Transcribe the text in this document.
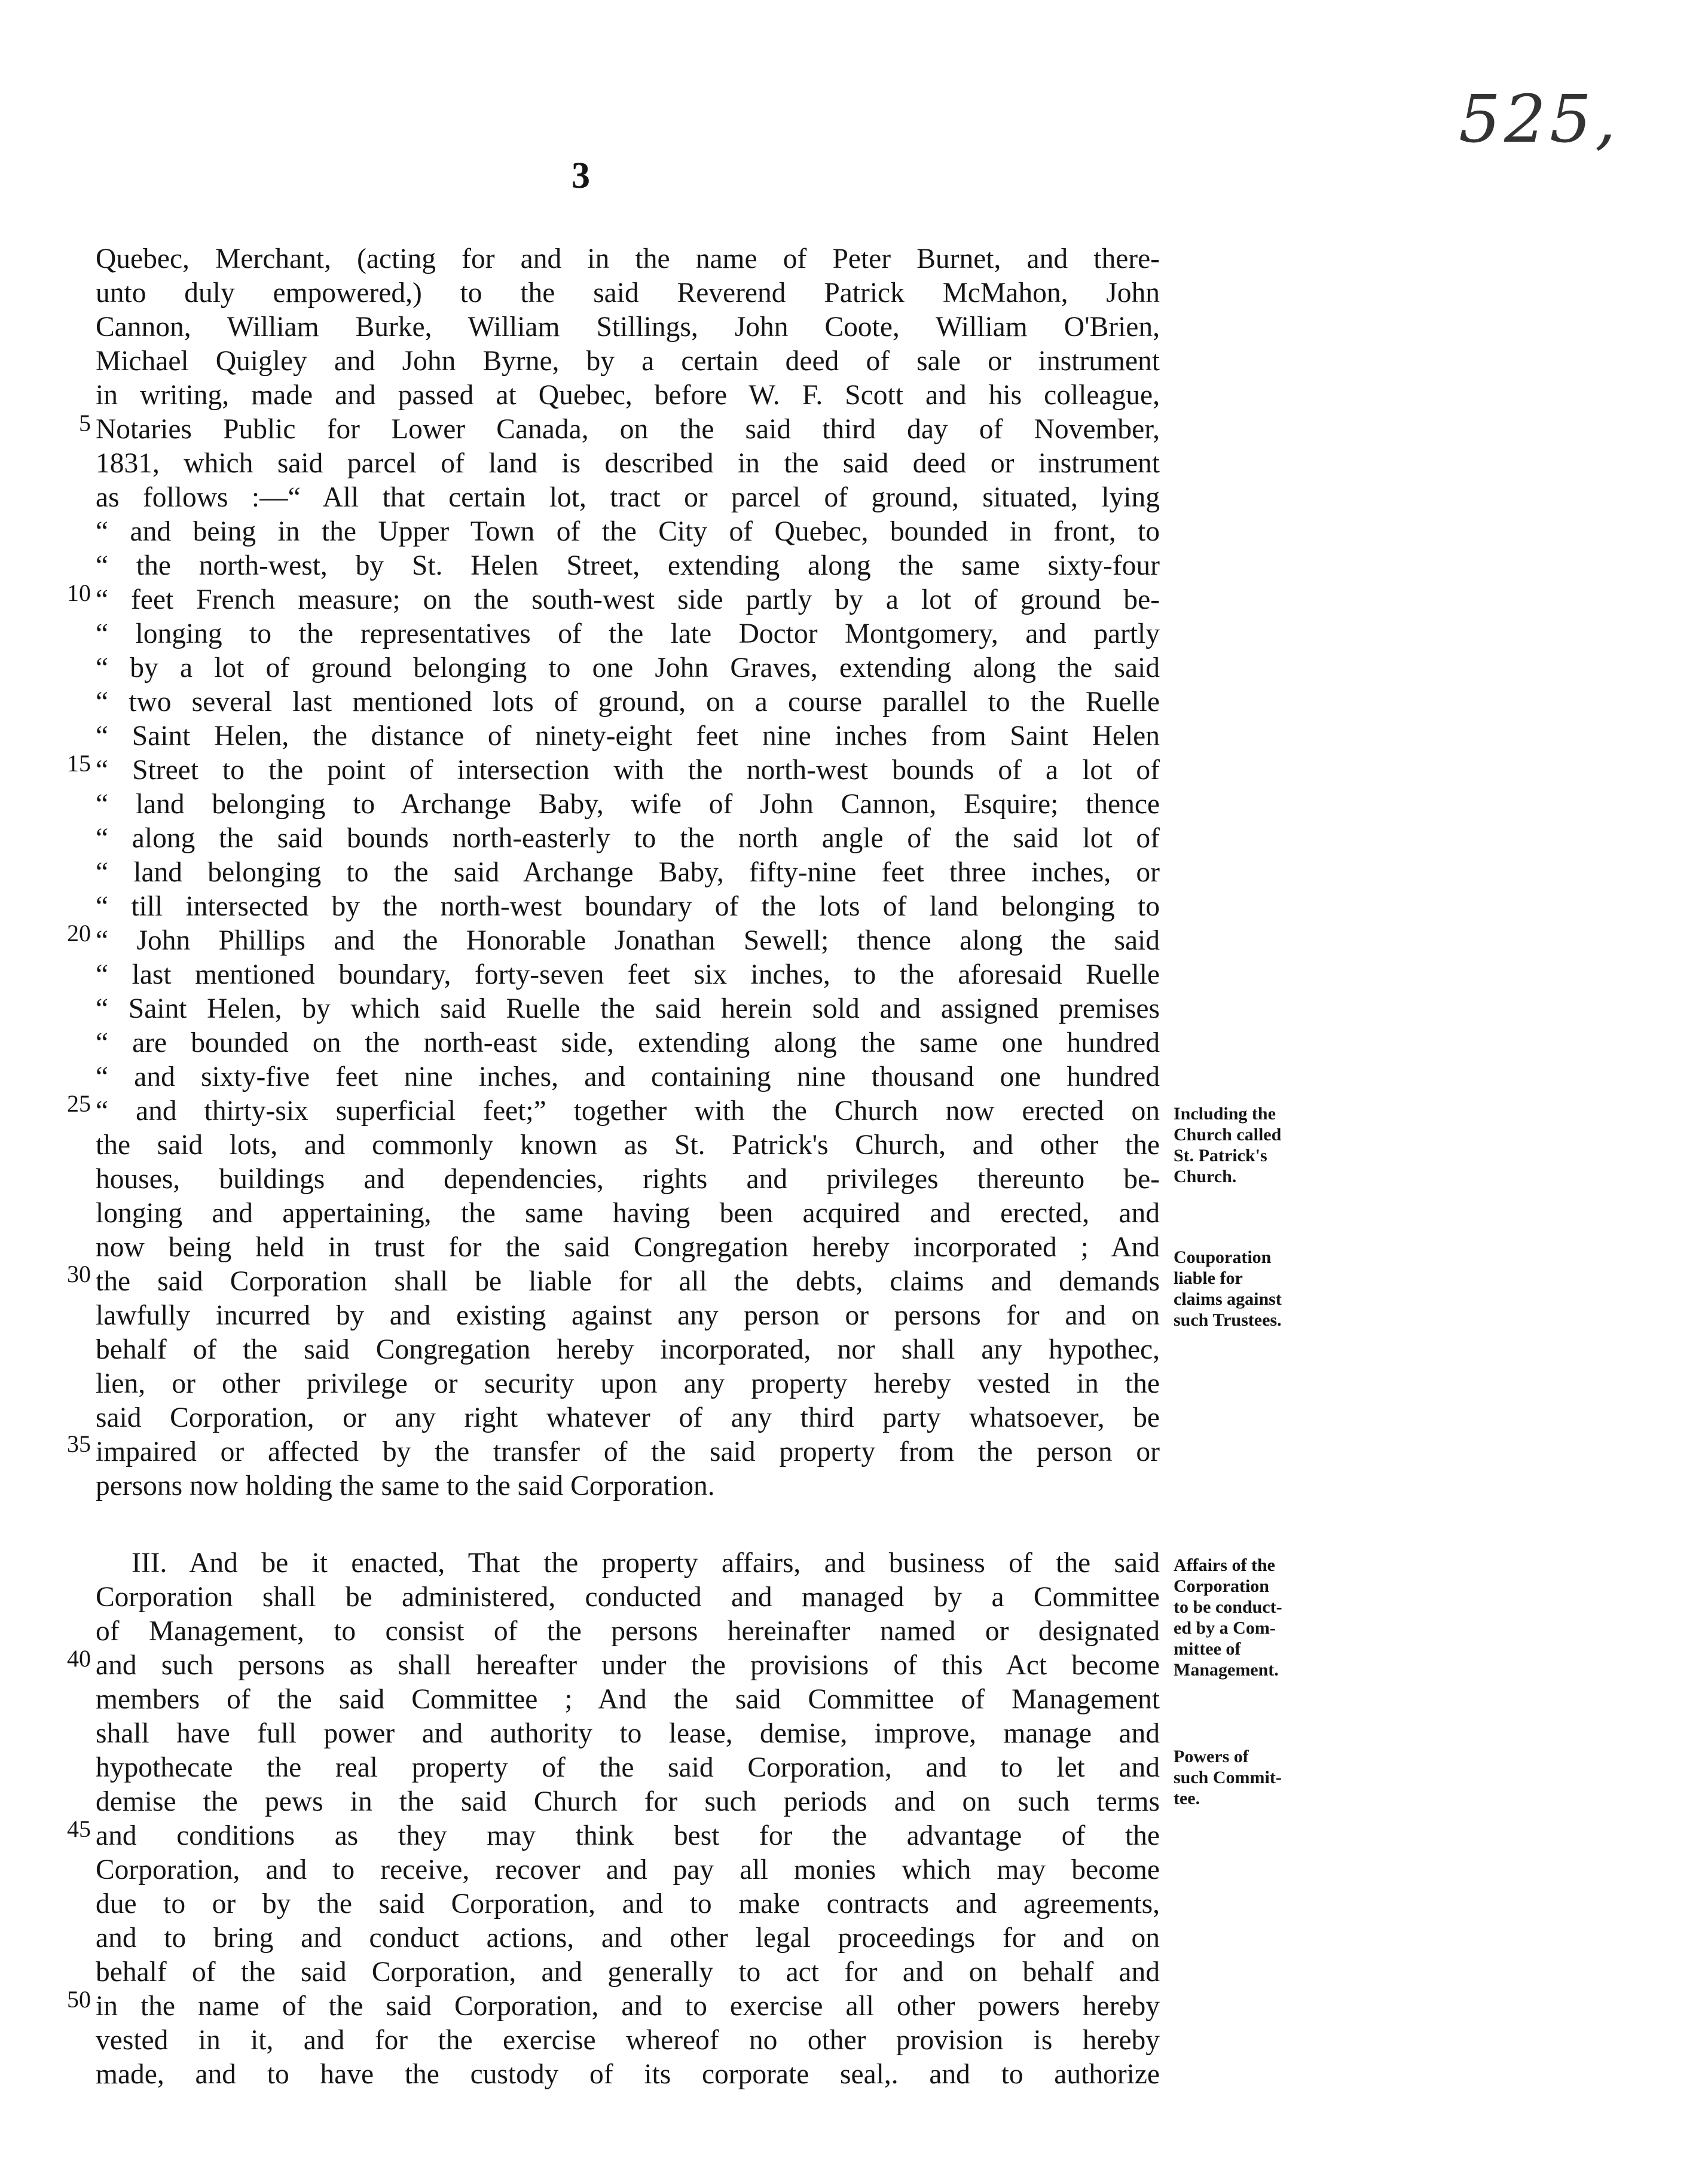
3
525,
5
10
15
20
25
30
35
40
45
50
Quebec, Merchant, (acting for and in the name of Peter Burnet, and there-
unto duly empowered,) to the said Reverend Patrick McMahon, John
Cannon, William Burke, William Stillings, John Coote, William O'Brien,
Michael Quigley and John Byrne, by a certain deed of sale or instrument
in writing, made and passed at Quebec, before W. F. Scott and his colleague,
Notaries Public for Lower Canada, on the said third day of November,
1831, which said parcel of land is described in the said deed or instrument
as follows :—“ All that certain lot, tract or parcel of ground, situated, lying
“ and being in the Upper Town of the City of Quebec, bounded in front, to
“ the north-west, by St. Helen Street, extending along the same sixty-four
“ feet French measure; on the south-west side partly by a lot of ground be-
“ longing to the representatives of the late Doctor Montgomery, and partly
“ by a lot of ground belonging to one John Graves, extending along the said
“ two several last mentioned lots of ground, on a course parallel to the Ruelle
“ Saint Helen, the distance of ninety-eight feet nine inches from Saint Helen
“ Street to the point of intersection with the north-west bounds of a lot of
“ land belonging to Archange Baby, wife of John Cannon, Esquire; thence
“ along the said bounds north-easterly to the north angle of the said lot of
“ land belonging to the said Archange Baby, fifty-nine feet three inches, or
“ till intersected by the north-west boundary of the lots of land belonging to
“ John Phillips and the Honorable Jonathan Sewell; thence along the said
“ last mentioned boundary, forty-seven feet six inches, to the aforesaid Ruelle
“ Saint Helen, by which said Ruelle the said herein sold and assigned premises
“ are bounded on the north-east side, extending along the same one hundred
“ and sixty-five feet nine inches, and containing nine thousand one hundred
“ and thirty-six superficial feet;” together with the Church now erected on
the said lots, and commonly known as St. Patrick's Church, and other the
houses, buildings and dependencies, rights and privileges thereunto be-
longing and appertaining, the same having been acquired and erected, and
now being held in trust for the said Congregation hereby incorporated ; And
the said Corporation shall be liable for all the debts, claims and demands
lawfully incurred by and existing against any person or persons for and on
behalf of the said Congregation hereby incorporated, nor shall any hypothec,
lien, or other privilege or security upon any property hereby vested in the
said Corporation, or any right whatever of any third party whatsoever, be
impaired or affected by the transfer of the said property from the person or
persons now holding the same to the said Corporation.
III. And be it enacted, That the property affairs, and business of the said
Corporation shall be administered, conducted and managed by a Committee
of Management, to consist of the persons hereinafter named or designated
and such persons as shall hereafter under the provisions of this Act become
members of the said Committee ; And the said Committee of Management
shall have full power and authority to lease, demise, improve, manage and
hypothecate the real property of the said Corporation, and to let and
demise the pews in the said Church for such periods and on such terms
and conditions as they may think best for the advantage of the
Corporation, and to receive, recover and pay all monies which may become
due to or by the said Corporation, and to make contracts and agreements,
and to bring and conduct actions, and other legal proceedings for and on
behalf of the said Corporation, and generally to act for and on behalf and
in the name of the said Corporation, and to exercise all other powers hereby
vested in it, and for the exercise whereof no other provision is hereby
made, and to have the custody of its corporate seal,. and to authorize
Including the
Church called
St. Patrick's
Church.
Couporation
liable for
claims against
such Trustees.
Affairs of the
Corporation
to be conduct-
ed by a Com-
mittee of
Management.
Powers of
such Commit-
tee.
